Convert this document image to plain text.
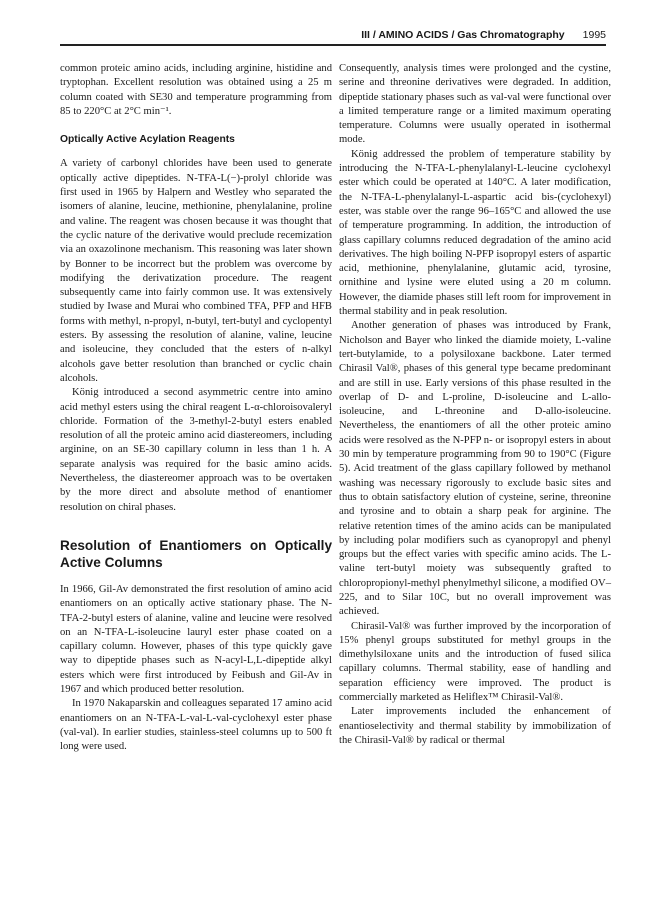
III / AMINO ACIDS / Gas Chromatography 1995

common proteic amino acids, including arginine, histidine and tryptophan. Excellent resolution was obtained using a 25 m column coated with SE30 and temperature programming from 85 to 220°C at 2°C min⁻¹.

Optically Active Acylation Reagents

A variety of carbonyl chlorides have been used to generate optically active dipeptides. N-TFA-L(−)-prolyl chloride was first used in 1965 by Halpern and Westley who separated the isomers of alanine, leucine, methionine, phenylalanine, proline and valine. The reagent was chosen because it was thought that the cyclic nature of the derivative would preclude recemization via an oxazolinone mechanism. This reasoning was later shown by Bonner to be incorrect but the problem was overcome by modifying the derivatization procedure. The reagent subsequently came into fairly common use. It was extensively studied by Iwase and Murai who combined TFA, PFP and HFB forms with methyl, n-propyl, n-butyl, tert-butyl and cyclopentyl esters. By assessing the resolution of alanine, valine, leucine and isoleucine, they concluded that the esters of n-alkyl alcohols gave better resolution than branched or cyclic chain alcohols.

König introduced a second asymmetric centre into amino acid methyl esters using the chiral reagent L-α-chloroisovaleryl chloride. Formation of the 3-methyl-2-butyl esters enabled resolution of all the proteic amino acid diastereomers, including arginine, on an SE-30 capillary column in less than 1 h. A separate analysis was required for the basic amino acids. Nevertheless, the diastereomer approach was to be overtaken by the more direct and absolute method of enantiomer resolution on chiral phases.

Resolution of Enantiomers on Optically Active Columns

In 1966, Gil-Av demonstrated the first resolution of amino acid enantiomers on an optically active stationary phase. The N-TFA-2-butyl esters of alanine, valine and leucine were resolved on an N-TFA-L-isoleucine lauryl ester phase coated on a capillary column. However, phases of this type quickly gave way to dipeptide phases such as N-acyl-L,L-dipeptide alkyl esters which were first introduced by Feibush and Gil-Av in 1967 and which produced better resolution.

In 1970 Nakaparskin and colleagues separated 17 amino acid enantiomers on an N-TFA-L-val-L-val-cyclohexyl ester phase (val-val). In earlier studies, stainless-steel columns up to 500 ft long were used.

Consequently, analysis times were prolonged and the cystine, serine and threonine derivatives were degraded. In addition, dipeptide stationary phases such as val-val were functional over a limited temperature range or a limited maximum operating temperature. Columns were usually operated in isothermal mode.

König addressed the problem of temperature stability by introducing the N-TFA-L-phenylalanyl-L-leucine cyclohexyl ester which could be operated at 140°C. A later modification, the N-TFA-L-phenylalanyl-L-aspartic acid bis-(cyclohexyl) ester, was stable over the range 96–165°C and allowed the use of temperature programming. In addition, the introduction of glass capillary columns reduced degradation of the amino acid derivatives. The high boiling N-PFP isopropyl esters of aspartic acid, methionine, phenylalanine, glutamic acid, tyrosine, ornithine and lysine were eluted using a 20 m column. However, the diamide phases still left room for improvement in thermal stability and in peak resolution.

Another generation of phases was introduced by Frank, Nicholson and Bayer who linked the diamide moiety, L-valine tert-butylamide, to a polysiloxane backbone. Later termed Chirasil Val®, phases of this general type became predominant and are still in use. Early versions of this phase resulted in the overlap of D- and L-proline, D-isoleucine and L-allo-isoleucine, and L-threonine and D-allo-isoleucine. Nevertheless, the enantiomers of all the other proteic amino acids were resolved as the N-PFP n- or isopropyl esters in about 30 min by temperature programming from 90 to 190°C (Figure 5). Acid treatment of the glass capillary followed by methanol washing was necessary rigorously to exclude basic sites and thus to obtain satisfactory elution of cysteine, serine, threonine and tyrosine and to obtain a sharp peak for arginine. The relative retention times of the amino acids can be manipulated by including polar modifiers such as cyanopropyl and phenyl groups but the effect varies with specific amino acids. The L-valine tert-butyl moiety was subsequently grafted to chloropropionyl-methyl phenylmethyl silicone, a modified OV–225, and to Silar 10C, but no overall improvement was achieved.

Chirasil-Val® was further improved by the incorporation of 15% phenyl groups substituted for methyl groups in the dimethylsiloxane units and the introduction of fused silica capillary columns. Thermal stability, ease of handling and separation efficiency were improved. The product is commercially marketed as Heliflex™ Chirasil-Val®.

Later improvements included the enhancement of enantioselectivity and thermal stability by immobilization of the Chirasil-Val® by radical or thermal
